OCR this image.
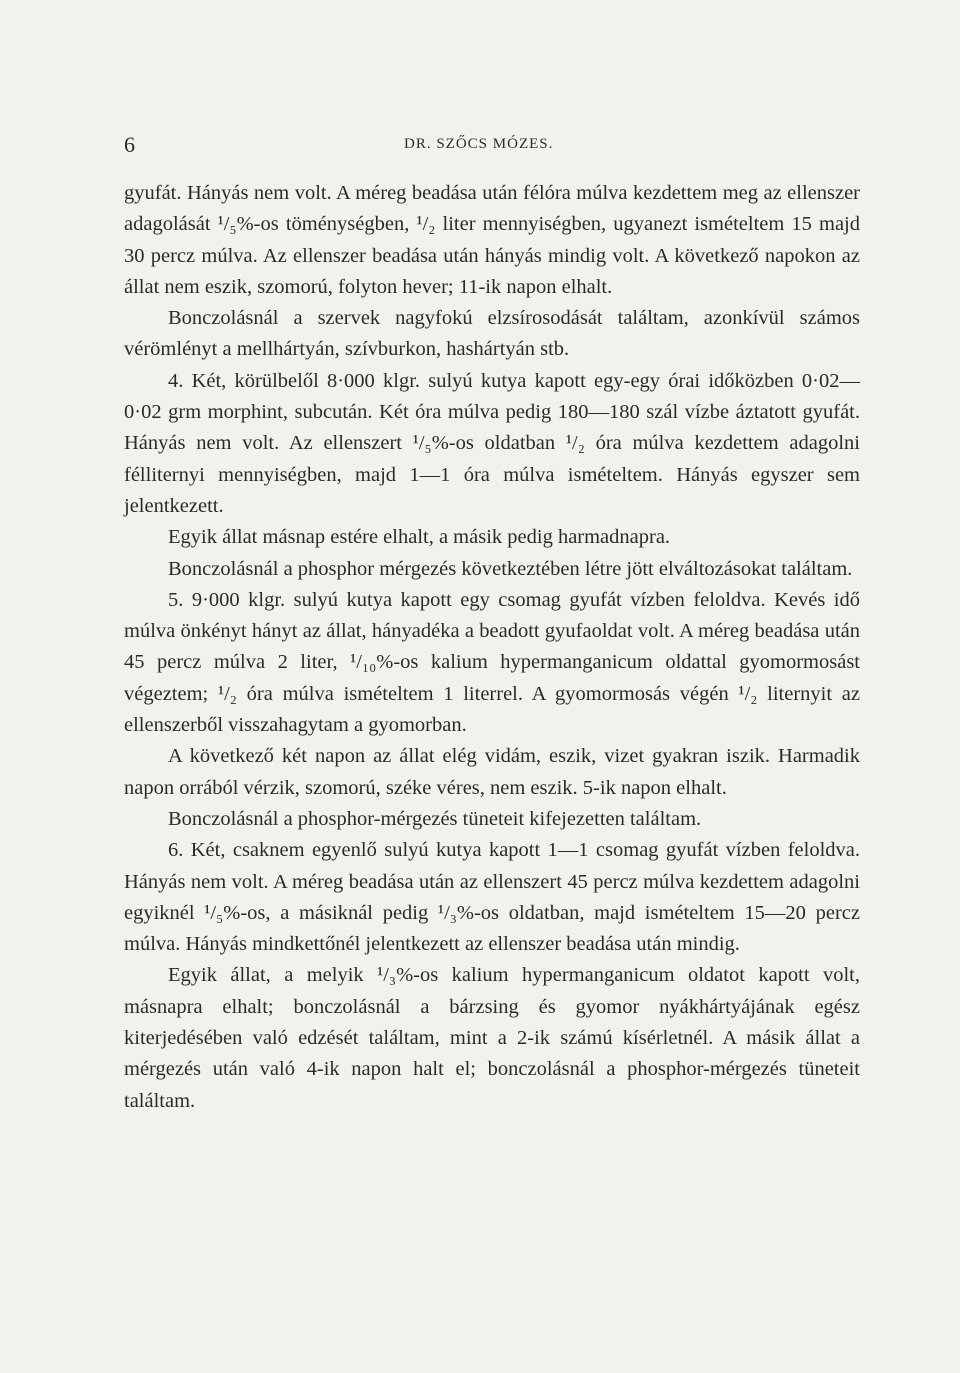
6	DR. SZŐCS MÓZES.

gyufát. Hányás nem volt. A méreg beadása után félóra múlva kezdettem meg az ellenszer adagolását ¹/₅%-os töménységben, ¹/₂ liter mennyiségben, ugyanezt ismételtem 15 majd 30 percz múlva. Az ellenszer beadása után hányás mindig volt. A következő napokon az állat nem eszik, szomorú, folyton hever; 11-ik napon elhalt.

Bonczolásnál a szervek nagyfokú elzsírosodását találtam, azonkívül számos vérömlényt a mellhártyán, szívburkon, hashártyán stb.

4. Két, körülbelől 8·000 klgr. sulyú kutya kapott egy-egy órai időközben 0·02—0·02 grm morphint, subcután. Két óra múlva pedig 180—180 szál vízbe áztatott gyufát. Hányás nem volt. Az ellenszert ¹/₅%-os oldatban ¹/₂ óra múlva kezdettem adagolni félliternyi mennyiségben, majd 1—1 óra múlva ismételtem. Hányás egyszer sem jelentkezett.

Egyik állat másnap estére elhalt, a másik pedig harmadnapra.

Bonczolásnál a phosphor mérgezés következtében létre jött elváltozásokat találtam.

5. 9·000 klgr. sulyú kutya kapott egy csomag gyufát vízben feloldva. Kevés idő múlva önkényt hányt az állat, hányadéka a beadott gyufaoldat volt. A méreg beadása után 45 percz múlva 2 liter, ¹/₁₀%-os kalium hypermanganicum oldattal gyomormosást végeztem; ¹/₂ óra múlva ismételtem 1 literrel. A gyomormosás végén ¹/₂ liternyit az ellenszerből visszahagytam a gyomorban.

A következő két napon az állat elég vidám, eszik, vizet gyakran iszik. Harmadik napon orrából vérzik, szomorú, széke véres, nem eszik. 5-ik napon elhalt.

Bonczolásnál a phosphor-mérgezés tüneteit kifejezetten találtam.

6. Két, csaknem egyenlő sulyú kutya kapott 1—1 csomag gyufát vízben feloldva. Hányás nem volt. A méreg beadása után az ellenszert 45 percz múlva kezdettem adagolni egyiknél ¹/₅%-os, a másiknál pedig ¹/₃%-os oldatban, majd ismételtem 15—20 percz múlva. Hányás mindkettőnél jelentkezett az ellenszer beadása után mindig.

Egyik állat, a melyik ¹/₃%-os kalium hypermanganicum oldatot kapott volt, másnapra elhalt; bonczolásnál a bárzsing és gyomor nyákhártyájának egész kiterjedésében való edzését találtam, mint a 2-ik számú kísérletnél. A másik állat a mérgezés után való 4-ik napon halt el; bonczolásnál a phosphor-mérgezés tüneteit találtam.
